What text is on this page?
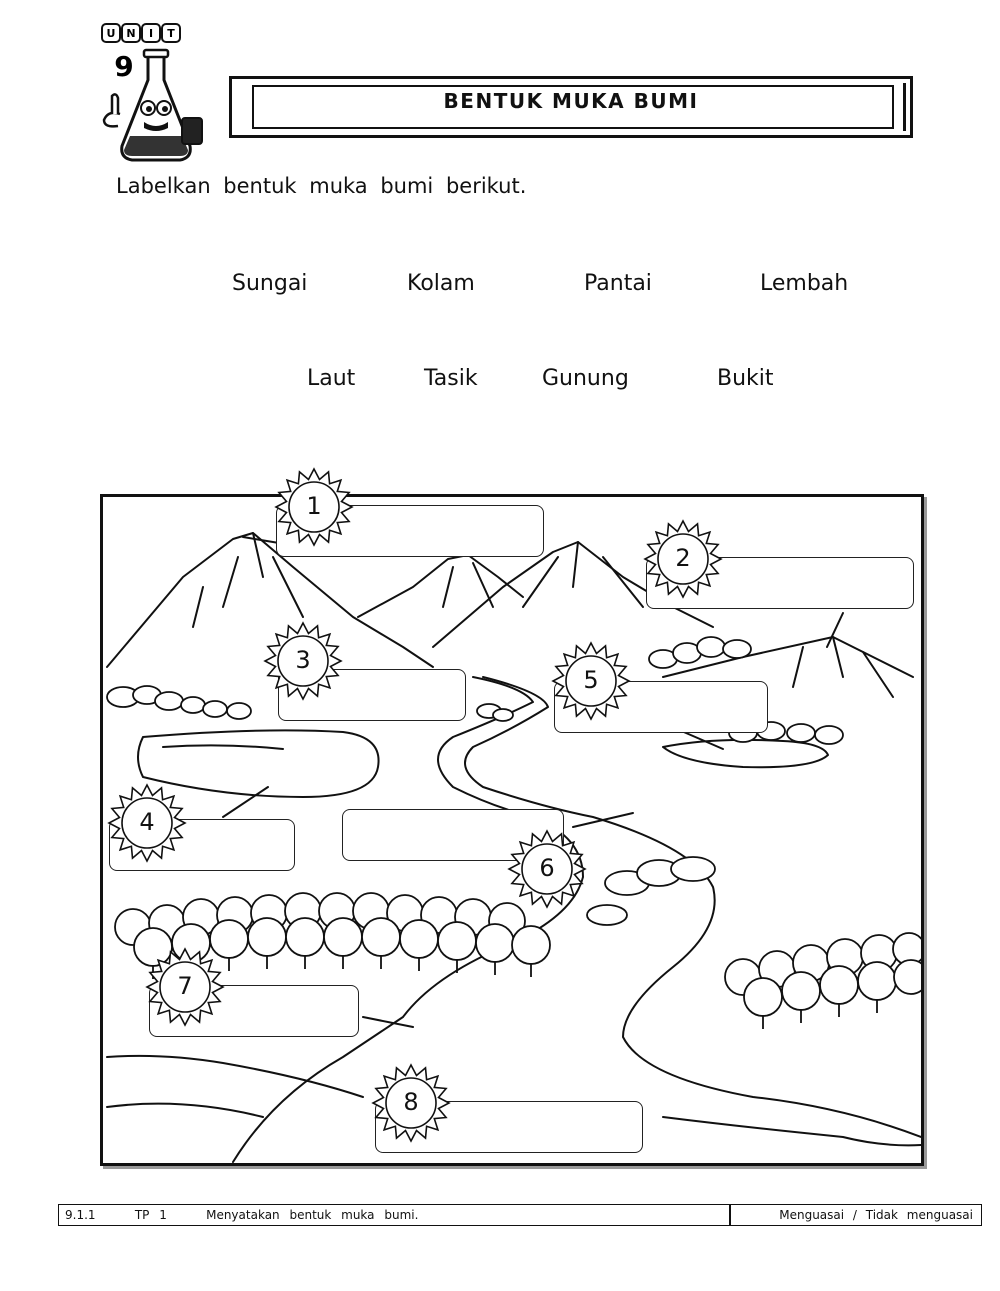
U N I T
9
BENTUK MUKA BUMI
Labelkan bentuk muka bumi berikut.
Sungai	Kolam	Pantai	Lembah
Laut	Tasik	Gunung	Bukit
1
2
3
4
5
6
7
8
9.1.1	TP 1	Menyatakan bentuk muka bumi.	Menguasai / Tidak menguasai
